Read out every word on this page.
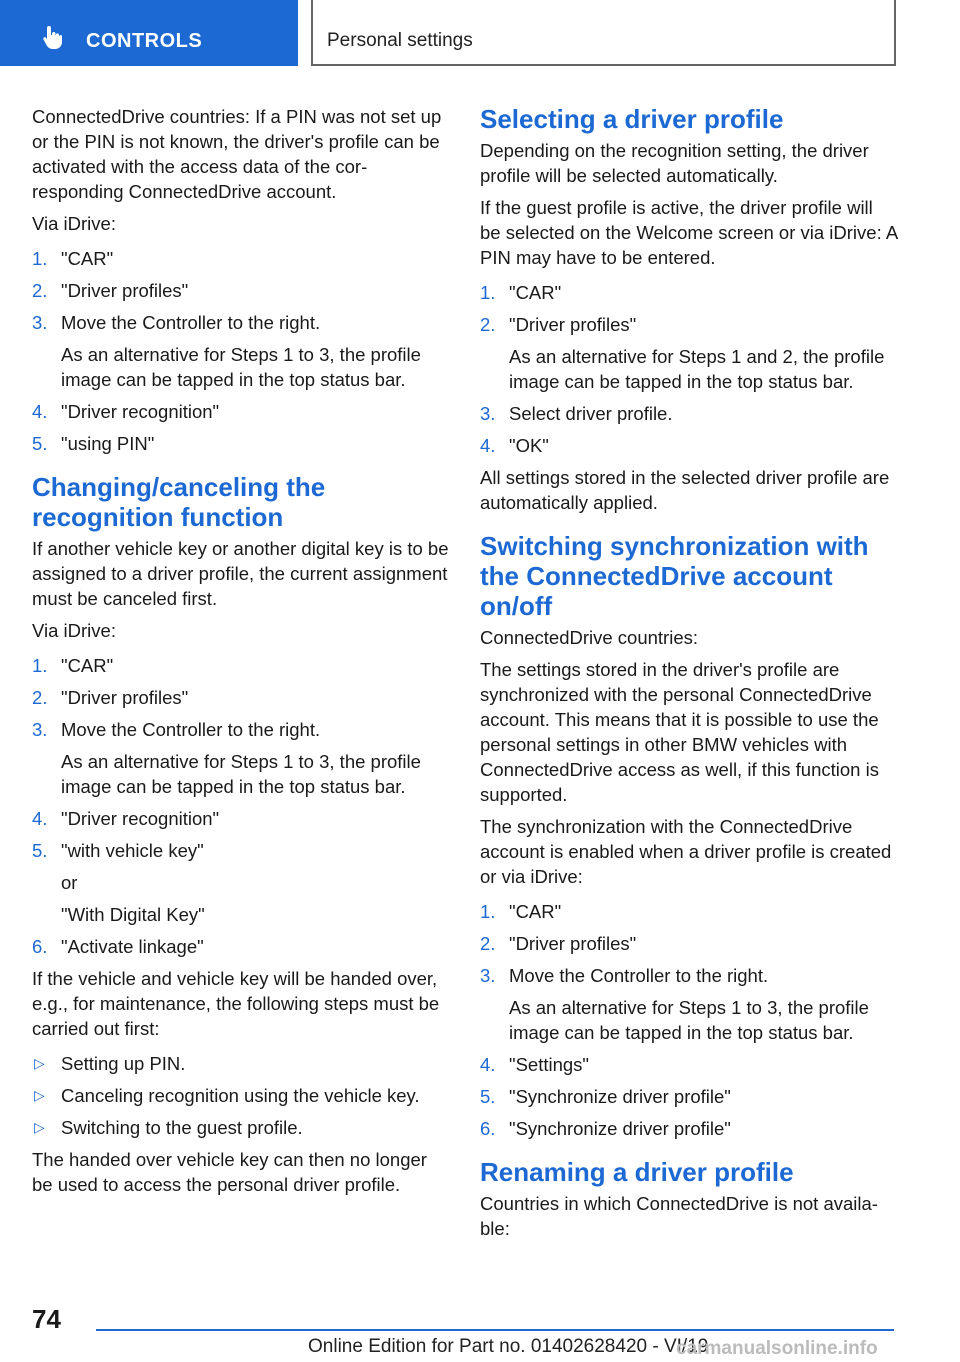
CONTROLS	Personal settings

ConnectedDrive countries: If a PIN was not set up or the PIN is not known, the driver's profile can be activated with the access data of the corresponding ConnectedDrive account.

Via iDrive:

1. "CAR"
2. "Driver profiles"
3. Move the Controller to the right.
As an alternative for Steps 1 to 3, the profile image can be tapped in the top status bar.
4. "Driver recognition"
5. "using PIN"
Changing/canceling the recognition function

If another vehicle key or another digital key is to be assigned to a driver profile, the current assignment must be canceled first.

Via iDrive:

1. "CAR"
2. "Driver profiles"
3. Move the Controller to the right.
As an alternative for Steps 1 to 3, the profile image can be tapped in the top status bar.
4. "Driver recognition"
5. "with vehicle key"
or
"With Digital Key"
6. "Activate linkage"

If the vehicle and vehicle key will be handed over, e.g., for maintenance, the following steps must be carried out first:

▷ Setting up PIN.
▷ Canceling recognition using the vehicle key.
▷ Switching to the guest profile.

The handed over vehicle key can then no longer be used to access the personal driver profile.

Selecting a driver profile

Depending on the recognition setting, the driver profile will be selected automatically.

If the guest profile is active, the driver profile will be selected on the Welcome screen or via iDrive: A PIN may have to be entered.

1. "CAR"
2. "Driver profiles"
As an alternative for Steps 1 and 2, the profile image can be tapped in the top status bar.
3. Select driver profile.
4. "OK"

All settings stored in the selected driver profile are automatically applied.

Switching synchronization with the ConnectedDrive account on/off

ConnectedDrive countries:

The settings stored in the driver's profile are synchronized with the personal ConnectedDrive account. This means that it is possible to use the personal settings in other BMW vehicles with ConnectedDrive access as well, if this function is supported.

The synchronization with the ConnectedDrive account is enabled when a driver profile is created or via iDrive:

1. "CAR"
2. "Driver profiles"
3. Move the Controller to the right.
As an alternative for Steps 1 to 3, the profile image can be tapped in the top status bar.
4. "Settings"
5. "Synchronize driver profile"
6. "Synchronize driver profile"
Renaming a driver profile

Countries in which ConnectedDrive is not available:

74
Online Edition for Part no. 01402628420 - VI/19
carmanualsonline.info
